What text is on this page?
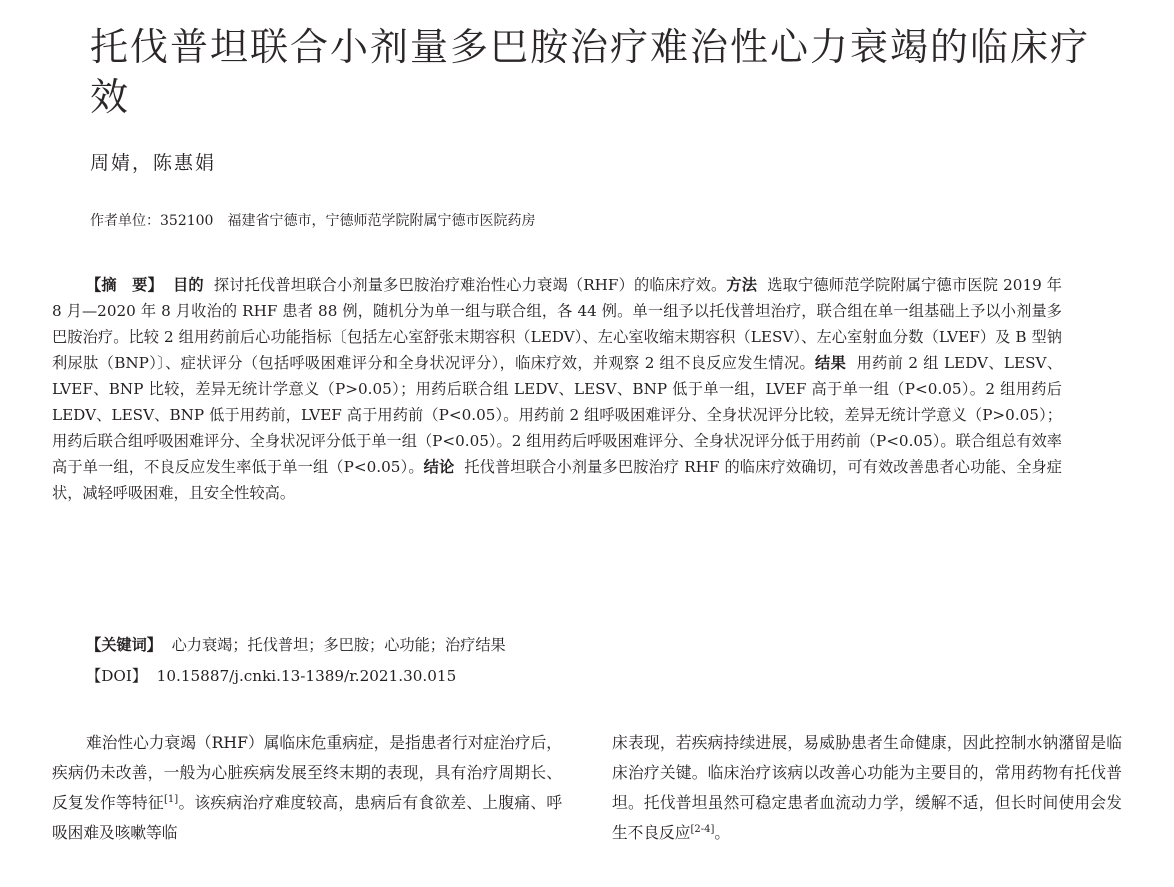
托伐普坦联合小剂量多巴胺治疗难治性心力衰竭的临床疗效
周婧，陈惠娟
作者单位：352100　福建省宁德市，宁德师范学院附属宁德市医院药房

【摘　要】 目的 探讨托伐普坦联合小剂量多巴胺治疗难治性心力衰竭（RHF）的临床疗效。方法 选取宁德师范学院附属宁德市医院 2019 年 8 月—2020 年 8 月收治的 RHF 患者 88 例，随机分为单一组与联合组，各 44 例。单一组予以托伐普坦治疗，联合组在单一组基础上予以小剂量多巴胺治疗。比较 2 组用药前后心功能指标〔包括左心室舒张末期容积（LEDV）、左心室收缩末期容积（LESV）、左心室射血分数（LVEF）及 B 型钠利尿肽（BNP）〕、症状评分（包括呼吸困难评分和全身状况评分），临床疗效，并观察 2 组不良反应发生情况。结果 用药前 2 组 LEDV、LESV、LVEF、BNP 比较，差异无统计学意义（P>0.05）；用药后联合组 LEDV、LESV、BNP 低于单一组，LVEF 高于单一组（P<0.05）。2 组用药后 LEDV、LESV、BNP 低于用药前，LVEF 高于用药前（P<0.05）。用药前 2 组呼吸困难评分、全身状况评分比较，差异无统计学意义（P>0.05）；用药后联合组呼吸困难评分、全身状况评分低于单一组（P<0.05）。2 组用药后呼吸困难评分、全身状况评分低于用药前（P<0.05）。联合组总有效率高于单一组，不良反应发生率低于单一组（P<0.05）。结论 托伐普坦联合小剂量多巴胺治疗 RHF 的临床疗效确切，可有效改善患者心功能、全身症状，减轻呼吸困难，且安全性较高。

【关键词】 心力衰竭；托伐普坦；多巴胺；心功能；治疗结果
【DOI】 10.15887/j.cnki.13-1389/r.2021.30.015

难治性心力衰竭（RHF）属临床危重病症，是指患者行对症治疗后，疾病仍未改善，一般为心脏疾病发展至终末期的表现，具有治疗周期长、反复发作等特征[1]。该疾病治疗难度较高，患病后有食欲差、上腹痛、呼吸困难及咳嗽等临

床表现，若疾病持续进展，易威胁患者生命健康，因此控制水钠潴留是临床治疗关键。临床治疗该病以改善心功能为主要目的，常用药物有托伐普坦。托伐普坦虽然可稳定患者血流动力学，缓解不适，但长时间使用会发生不良反应[2-4]。
